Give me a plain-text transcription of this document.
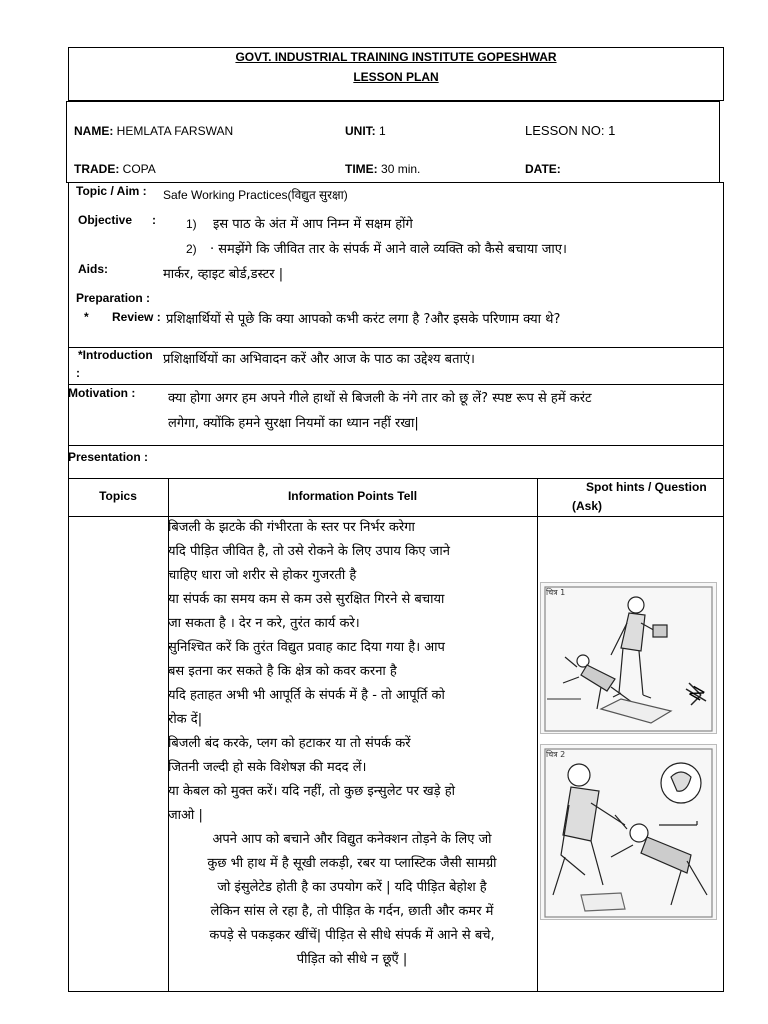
GOVT. INDUSTRIAL TRAINING INSTITUTE GOPESHWAR
LESSON PLAN
NAME: HEMLATA FARSWAN	UNIT: 1	LESSON NO: 1
TRADE: COPA	TIME: 30 min.	DATE:
Topic / Aim : Safe Working Practices(विद्युत सुरक्षा)
Objective :	1) इस पाठ के अंत में आप निम्न में सक्षम होंगे
2) · समझेंगे कि जीवित तार के संपर्क में आने वाले व्यक्ति को कैसे बचाया जाए।
Aids:	मार्कर, व्हाइट बोर्ड,डस्टर |
Preparation :
* Review : प्रशिक्षार्थियों से पूछे कि क्या आपको कभी करंट लगा है ?और इसके परिणाम क्या थे?
*Introduction
:
प्रशिक्षार्थियों का अभिवादन करें और आज के पाठ का उद्देश्य बताएं।
Motivation :	क्या होगा अगर हम अपने गीले हाथों से बिजली के नंगे तार को छू लें? स्पष्ट रूप से हमें करंट
लगेगा, क्योंकि हमने सुरक्षा नियमों का ध्यान नहीं रखा|
Presentation :
Topics	Information Points Tell
Spot hints / Question
(Ask)
बिजली के झटके की गंभीरता के स्तर पर निर्भर करेगा
यदि पीड़ित जीवित है, तो उसे रोकने के लिए उपाय किए जाने
चाहिए धारा जो शरीर से होकर गुजरती है
या संपर्क का समय कम से कम उसे सुरक्षित गिरने से बचाया
जा सकता है । देर न करे, तुरंत कार्य करे।
सुनिश्चित करें कि तुरंत विद्युत प्रवाह काट दिया गया है। आप
बस इतना कर सकते है कि क्षेत्र को कवर करना है
यदि हताहत अभी भी आपूर्ति के संपर्क में है - तो आपूर्ति को
रोक दें|
बिजली बंद करके, प्लग को हटाकर या तो संपर्क करें
जितनी जल्दी हो सके विशेषज्ञ की मदद लें।
या केबल को मुक्त करें। यदि नहीं, तो कुछ इन्सुलेट पर खड़े हो
जाओ |
अपने आप को बचाने और विद्युत कनेक्शन तोड़ने के लिए जो
कुछ भी हाथ में है सूखी लकड़ी, रबर या प्लास्टिक जैसी सामग्री
जो इंसुलेटेड होती है का उपयोग करें | यदि पीड़ित बेहोश है
लेकिन सांस ले रहा है, तो पीड़ित के गर्दन, छाती और कमर में
कपड़े से पकड़कर खींचें| पीड़ित से सीधे संपर्क में आने से बचे,
पीड़ित को सीधे न छूएँ |
चित्र 1
N
चित्र 2
